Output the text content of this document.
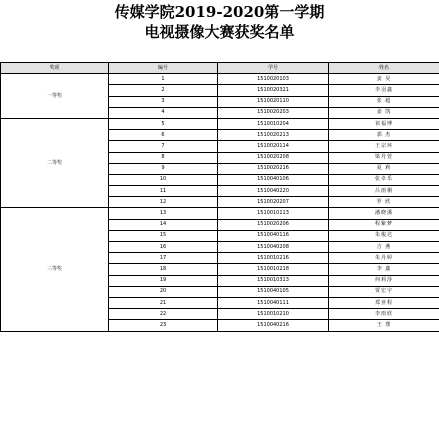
传媒学院2019-2020第一学期
电视摄像大赛获奖名单
奖项	编号	学号	姓名
一等奖	1	1510020103	姜 昊
	2	1510020321	李羽鑫
	3	1510020110	张 超
	4	1510020203	姜 凯
二等奖	5	1510010204	祁福博
	6	1510020213	郭 杰
	7	1510020114	王宗环
	8	1510020208	梁丹萱
	9	1510020216	夏 莉
	10	1510040106	张卓乐
	11	1510040220	吕雨桐
	12	1510020207	罗 欣
三等奖	13	1510010113	潘晓溪
	14	1510020206	程紫梦
	15	1510040116	朱俊达
	16	1510040208	吉 燕
	17	1510010216	朱丹婷
	18	1510010218	李 鑫
	19	1510010313	何莉莎
	20	1510040105	贾宏宇
	21	1510040111	郑亚程
	22	1510010210	李雨欣
	23	1510040216	王 璞
